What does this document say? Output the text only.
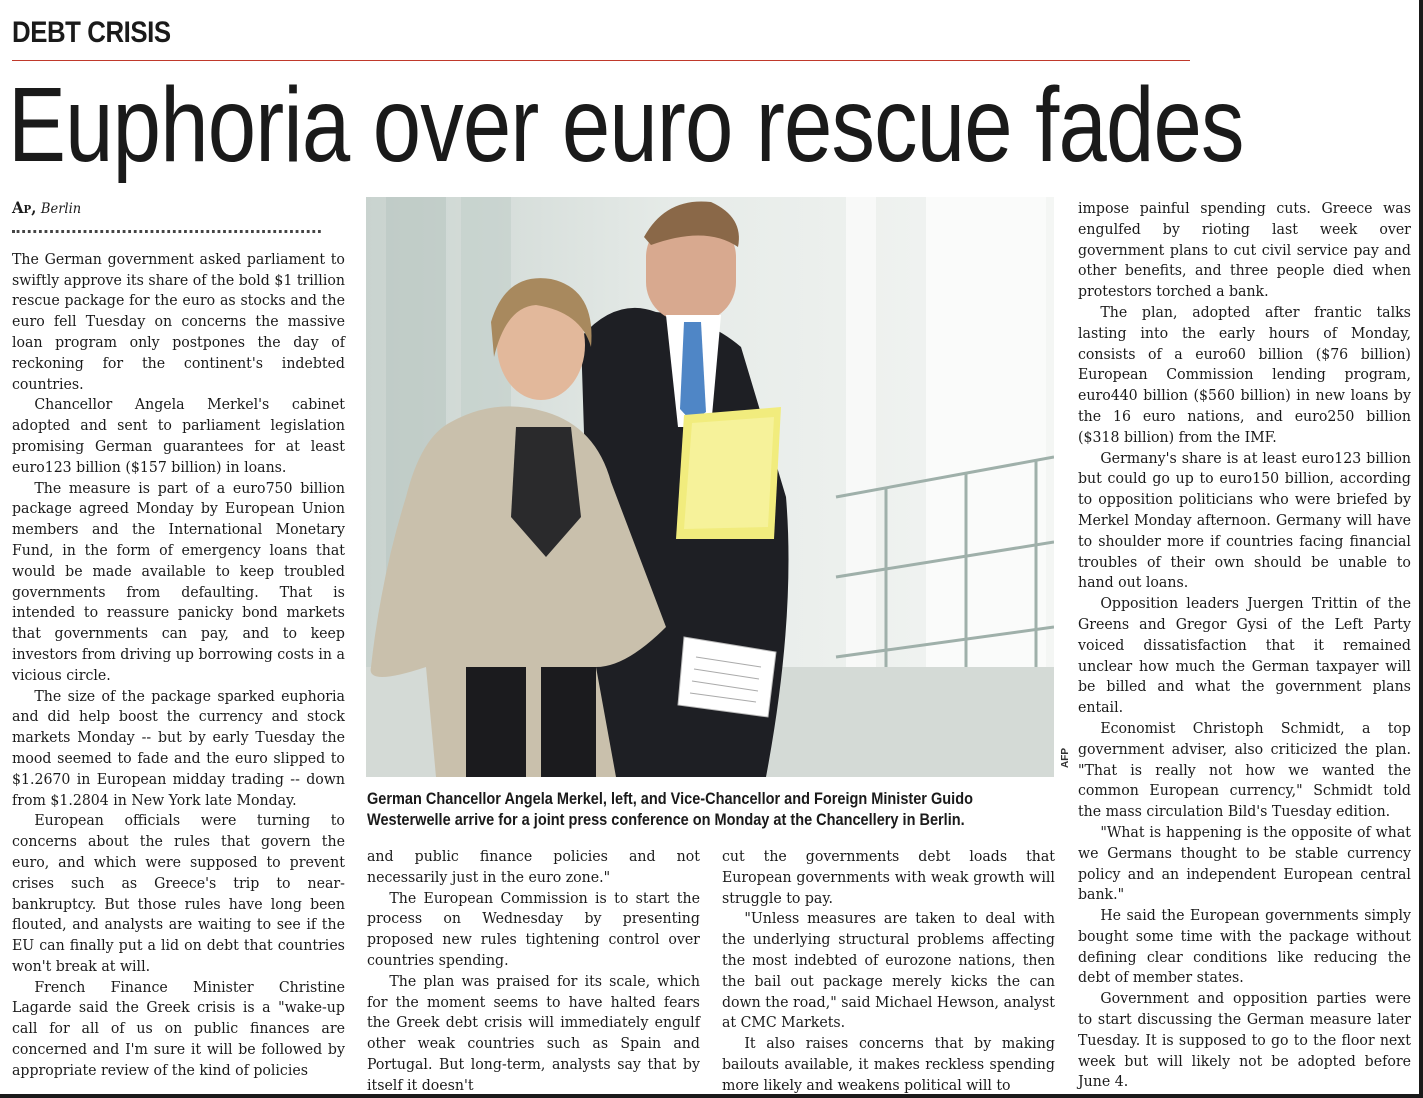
DEBT CRISIS
Euphoria over euro rescue fades

Ap, Berlin

The German government asked parliament to swiftly approve its share of the bold $1 trillion rescue package for the euro as stocks and the euro fell Tuesday on concerns the massive loan program only postpones the day of reckoning for the continent's indebted countries.

Chancellor Angela Merkel's cabinet adopted and sent to parliament legislation promising German guarantees for at least euro123 billion ($157 billion) in loans.

The measure is part of a euro750 billion package agreed Monday by European Union members and the International Monetary Fund, in the form of emergency loans that would be made available to keep troubled governments from defaulting. That is intended to reassure panicky bond markets that governments can pay, and to keep investors from driving up borrowing costs in a vicious circle.

The size of the package sparked euphoria and did help boost the currency and stock markets Monday -- but by early Tuesday the mood seemed to fade and the euro slipped to $1.2670 in European midday trading -- down from $1.2804 in New York late Monday.

European officials were turning to concerns about the rules that govern the euro, and which were supposed to prevent crises such as Greece's trip to near-bankruptcy. But those rules have long been flouted, and analysts are waiting to see if the EU can finally put a lid on debt that countries won't break at will.

French Finance Minister Christine Lagarde said the Greek crisis is a "wake-up call for all of us on public finances are concerned and I'm sure it will be followed by appropriate review of the kind of policies

AFP
German Chancellor Angela Merkel, left, and Vice-Chancellor and Foreign Minister Guido
Westerwelle arrive for a joint press conference on Monday at the Chancellery in Berlin.

and public finance policies and not necessarily just in the euro zone."

The European Commission is to start the process on Wednesday by presenting proposed new rules tightening control over countries spending.

The plan was praised for its scale, which for the moment seems to have halted fears the Greek debt crisis will immediately engulf other weak countries such as Spain and Portugal. But long-term, analysts say that by itself it doesn't

cut the governments debt loads that European governments with weak growth will struggle to pay.

"Unless measures are taken to deal with the underlying structural problems affecting the most indebted of eurozone nations, then the bail out package merely kicks the can down the road," said Michael Hewson, analyst at CMC Markets.

It also raises concerns that by making bailouts available, it makes reckless spending more likely and weakens political will to

impose painful spending cuts. Greece was engulfed by rioting last week over government plans to cut civil service pay and other benefits, and three people died when protestors torched a bank.

The plan, adopted after frantic talks lasting into the early hours of Monday, consists of a euro60 billion ($76 billion) European Commission lending program, euro440 billion ($560 billion) in new loans by the 16 euro nations, and euro250 billion ($318 billion) from the IMF.

Germany's share is at least euro123 billion but could go up to euro150 billion, according to opposition politicians who were briefed by Merkel Monday afternoon. Germany will have to shoulder more if countries facing financial troubles of their own should be unable to hand out loans.

Opposition leaders Juergen Trittin of the Greens and Gregor Gysi of the Left Party voiced dissatisfaction that it remained unclear how much the German taxpayer will be billed and what the government plans entail.

Economist Christoph Schmidt, a top government adviser, also criticized the plan. "That is really not how we wanted the common European currency," Schmidt told the mass circulation Bild's Tuesday edition.

"What is happening is the opposite of what we Germans thought to be stable currency policy and an independent European central bank."

He said the European governments simply bought some time with the package without defining clear conditions like reducing the debt of member states.

Government and opposition parties were to start discussing the German measure later Tuesday. It is supposed to go to the floor next week but will likely not be adopted before June 4.
